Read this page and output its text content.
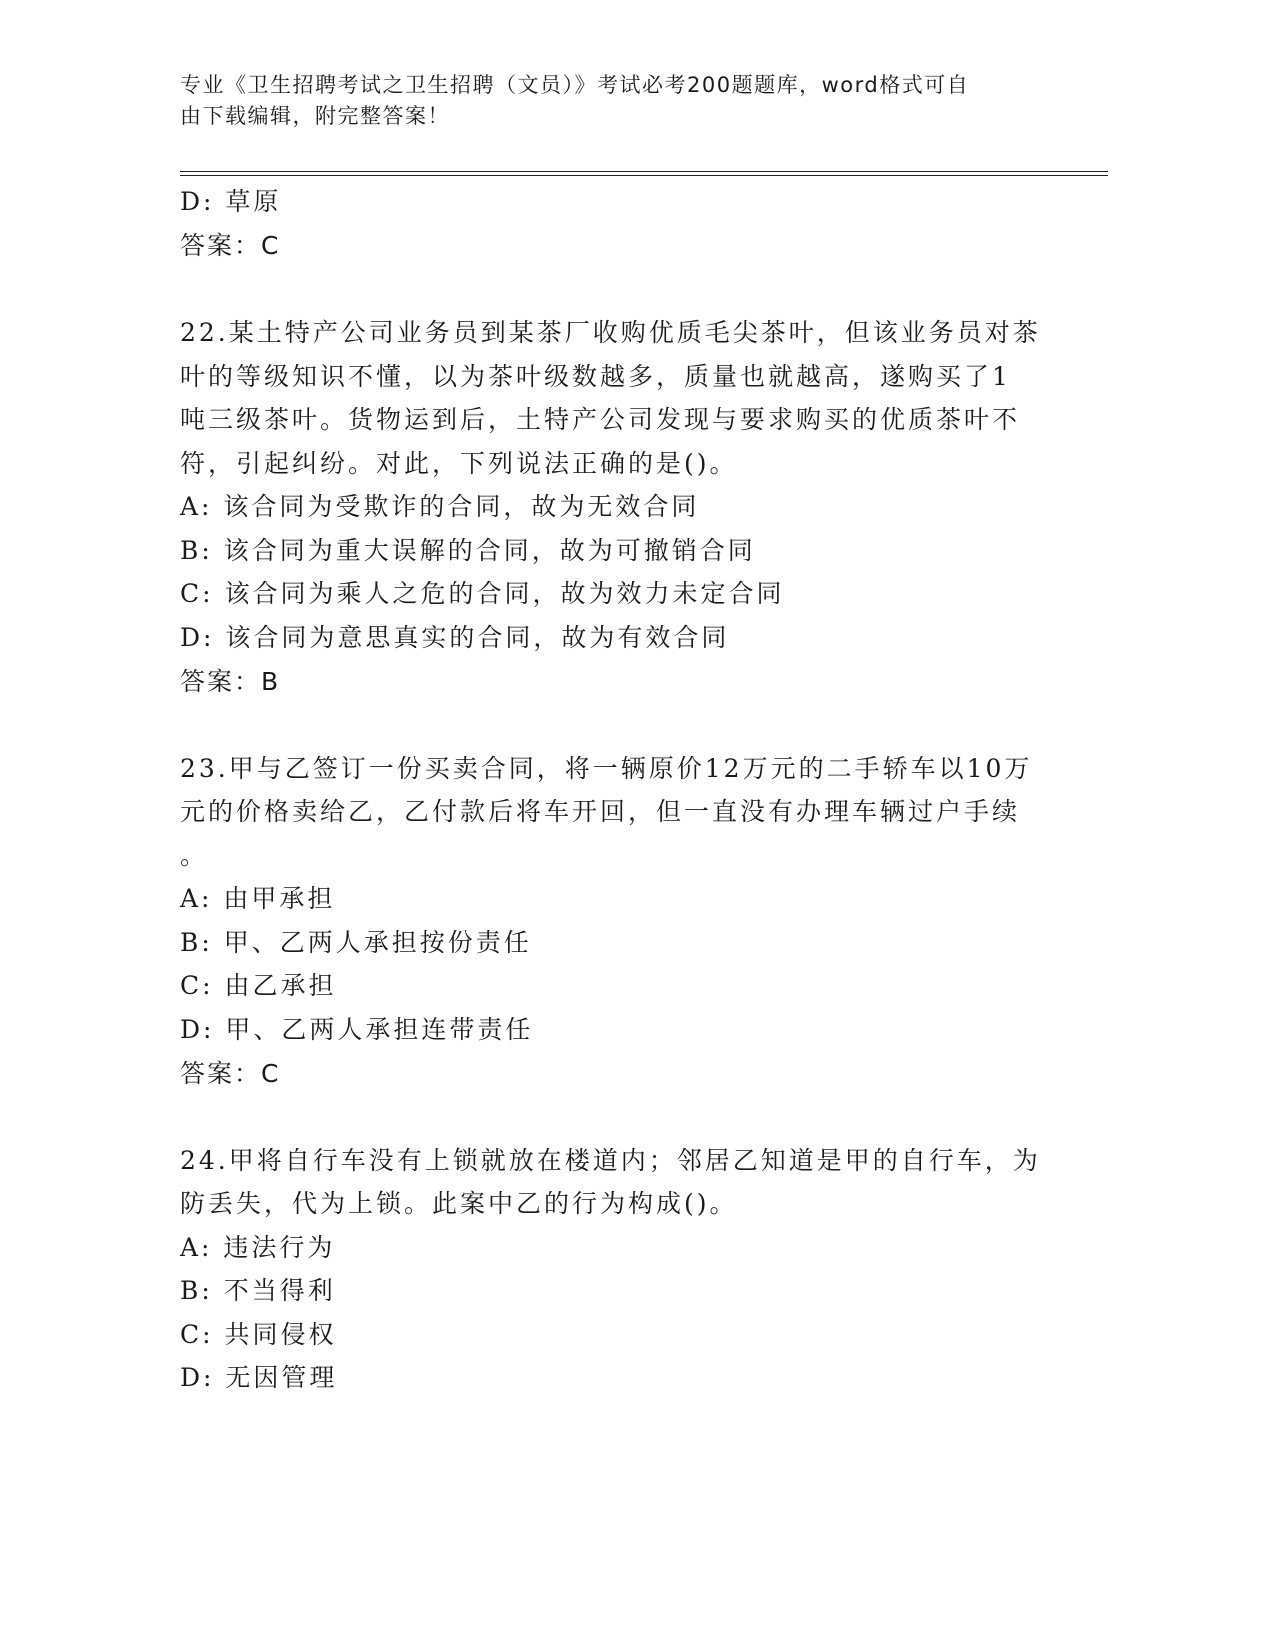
专业《卫生招聘考试之卫生招聘（文员）》考试必考200题题库，word格式可自
由下载编辑，附完整答案！
D: 草原
答案：C
22.某土特产公司业务员到某茶厂收购优质毛尖茶叶，但该业务员对茶
叶的等级知识不懂，以为茶叶级数越多，质量也就越高，遂购买了1
吨三级茶叶。货物运到后，土特产公司发现与要求购买的优质茶叶不
符，引起纠纷。对此，下列说法正确的是()。
A: 该合同为受欺诈的合同，故为无效合同
B: 该合同为重大误解的合同，故为可撤销合同
C: 该合同为乘人之危的合同，故为效力未定合同
D: 该合同为意思真实的合同，故为有效合同
答案：B
23.甲与乙签订一份买卖合同，将一辆原价12万元的二手轿车以10万
元的价格卖给乙，乙付款后将车开回，但一直没有办理车辆过户手续
。
A: 由甲承担
B: 甲、乙两人承担按份责任
C: 由乙承担
D: 甲、乙两人承担连带责任
答案：C
24.甲将自行车没有上锁就放在楼道内；邻居乙知道是甲的自行车，为
防丢失，代为上锁。此案中乙的行为构成()。
A: 违法行为
B: 不当得利
C: 共同侵权
D: 无因管理
